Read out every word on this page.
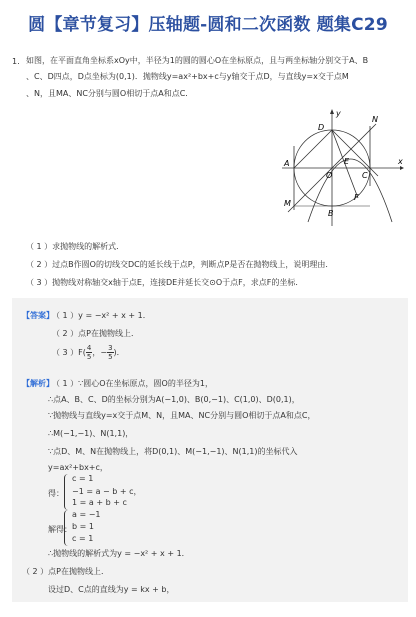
圆【章节复习】压轴题-圆和二次函数 题集C29
1. 如图，在平面直角坐标系xOy中，半径为1的圆的圆心O在坐标原点，且与两坐标轴分别交于A、B
、C、D四点，D点坐标为(0,1)．抛物线y=ax²+bx+c与y轴交于点D，与直线y=x交于点M
、N，且MA、NC分别与圆O相切于点A和点C．
y
x
D
N
A	E
O	C
M
B
F
（ 1 ）求抛物线的解析式．
（ 2 ）过点B作圆O的切线交DC的延长线于点P，判断点P是否在抛物线上，说明理由．
（ 3 ）抛物线对称轴交x轴于点E，连接DE并延长交⊙O于点F，求点F的坐标．
【答案】
（ 1 ）y = −x² + x + 1．
（ 2 ）点P在抛物线上．
（ 3 ）$F( \frac{4}{5}$ ，− $\frac{3}{5}$ )．
【解析】
（ 1 ）∵圆心O在坐标原点，圆O的半径为1，
∴点A、B、C、D的坐标分别为A(−1,0)、B(0,−1)、C(1,0)、D(0,1)，
∵抛物线与直线y=x交于点M、N，且MA、NC分别与圆O相切于点A和点C，
∴M(−1,−1)、N(1,1)，
∵点D、M、N在抛物线上，将D(0,1)、M(−1,−1)、N(1,1)的坐标代入
y=ax²+bx+c，
得：
c = 1
−1 = a − b + c，
1 = a + b + c
解得：
a = −1
b = 1
c = 1
∴抛物线的解析式为y = −x² + x + 1．
（ 2 ）点P在抛物线上．
设过D、C点的直线为y = kx + b，
